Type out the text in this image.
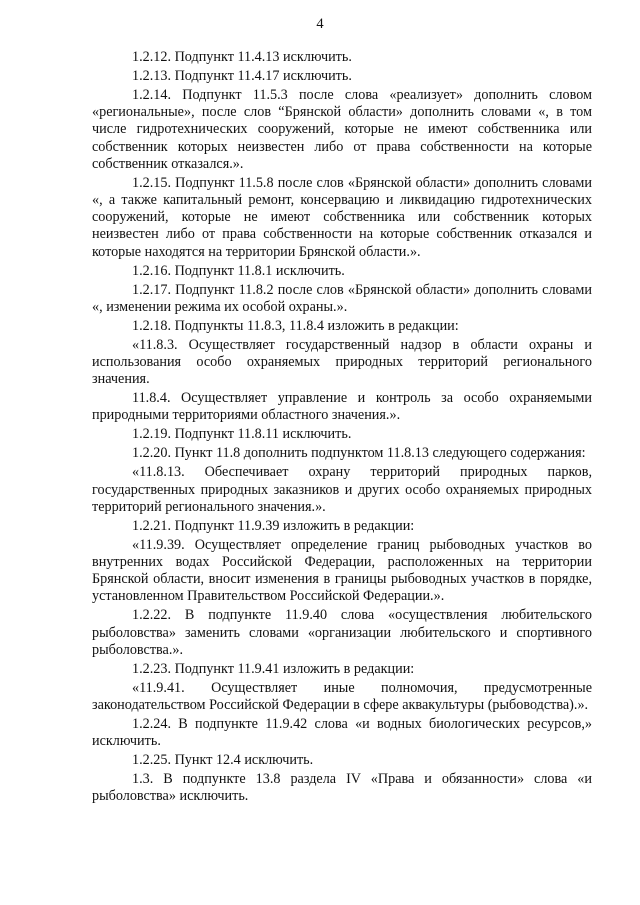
4

1.2.12. Подпункт 11.4.13 исключить.

1.2.13. Подпункт 11.4.17 исключить.

1.2.14. Подпункт 11.5.3 после слова «реализует» дополнить словом «региональные», после слов “Брянской области» дополнить словами «, в том числе гидротехнических сооружений, которые не имеют собственника или собственник которых неизвестен либо от права собственности на которые собственник отказался.».

1.2.15. Подпункт 11.5.8 после слов «Брянской области» дополнить словами «, а также капитальный ремонт, консервацию и ликвидацию гидротехнических сооружений, которые не имеют собственника или собственник которых неизвестен либо от права собственности на которые собственник отказался и которые находятся на территории Брянской области.».

1.2.16. Подпункт 11.8.1 исключить.

1.2.17. Подпункт 11.8.2 после слов «Брянской области» дополнить словами «, изменении режима их особой охраны.».

1.2.18. Подпункты 11.8.3, 11.8.4 изложить в редакции:

«11.8.3. Осуществляет государственный надзор в области охраны и использования особо охраняемых природных территорий регионального значения.

11.8.4. Осуществляет управление и контроль за особо охраняемыми природными территориями областного значения.».

1.2.19. Подпункт 11.8.11 исключить.

1.2.20. Пункт 11.8 дополнить подпунктом 11.8.13 следующего содержания:

«11.8.13. Обеспечивает охрану территорий природных парков, государственных природных заказников и других особо охраняемых природных территорий регионального значения.».

1.2.21. Подпункт 11.9.39 изложить в редакции:

«11.9.39. Осуществляет определение границ рыбоводных участков во внутренних водах Российской Федерации, расположенных на территории Брянской области, вносит изменения в границы рыбоводных участков в порядке, установленном Правительством Российской Федерации.».

1.2.22. В подпункте 11.9.40 слова «осуществления любительского рыболовства» заменить словами «организации любительского и спортивного рыболовства.».

1.2.23. Подпункт 11.9.41 изложить в редакции:

«11.9.41. Осуществляет иные полномочия, предусмотренные законодательством Российской Федерации в сфере аквакультуры (рыбоводства).».

1.2.24. В подпункте 11.9.42 слова «и водных биологических ресурсов,» исключить.

1.2.25. Пункт 12.4 исключить.

1.3. В подпункте 13.8 раздела IV «Права и обязанности» слова «и рыболовства» исключить.
